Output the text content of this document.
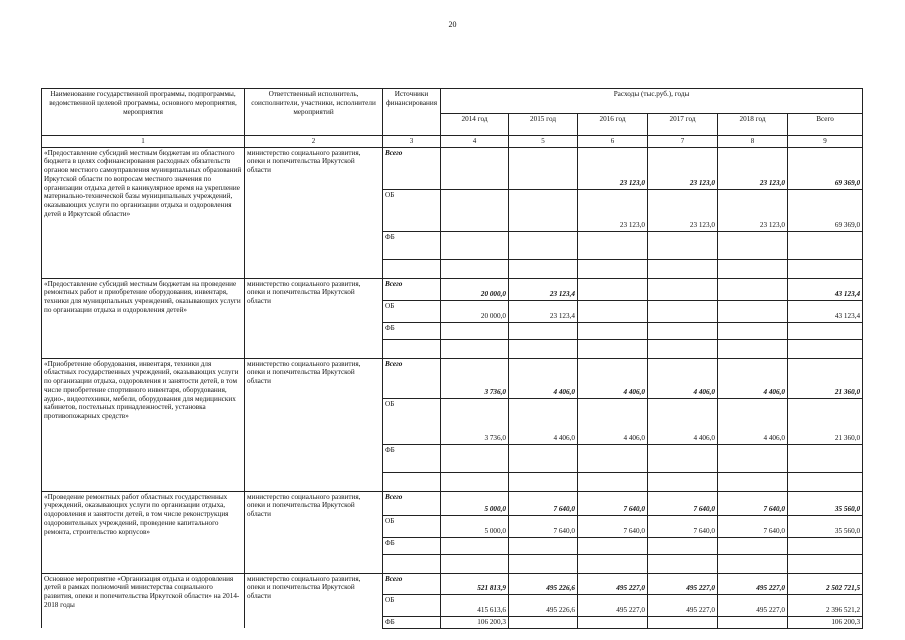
20
Наименование государственной программы, подпрограммы, ведомственной целевой программы, основного мероприятия, мероприятия	Ответственный исполнитель, соисполнители, участники, исполнители мероприятий	Источники финансирования	Расходы (тыс.руб.), годы					
			2014 год	2015 год	2016 год	2017 год	2018 год	Всего
1	2	3	4	5	6	7	8	9
«Предоставление субсидий местным бюджетам из областного бюджета в целях софинансирования расходных обязательств органов местного самоуправления муниципальных образований Иркутской области по вопросам местного значения по организации отдыха детей в каникулярное время на укрепление материально-технической базы муниципальных учреждений, оказывающих услуги по организации отдыха и оздоровления детей в Иркутской области»	министерство социального развития, опеки и попечительства Иркутской области	Всего			23 123,0	23 123,0	23 123,0	69 369,0
		ОБ			23 123,0	23 123,0	23 123,0	69 369,0
		ФБ						

«Предоставление субсидий местным бюджетам на проведение ремонтных работ и приобретение оборудования, инвентаря, техники для муниципальных учреждений, оказывающих услуги по организации отдыха и оздоровления детей»	министерство социального развития, опеки и попечительства Иркутской области	Всего	20 000,0	23 123,4				43 123,4
		ОБ	20 000,0	23 123,4				43 123,4
		ФБ						

«Приобретение оборудования, инвентаря, техники для областных государственных учреждений, оказывающих услуги по организации отдыха, оздоровления и занятости детей, в том числе приобретение спортивного инвентаря, оборудования, аудио-, видеотехники, мебели, оборудования для медицинских кабинетов, постельных принадлежностей, установка противопожарных средств»	министерство социального развития, опеки и попечительства Иркутской области	Всего	3 736,0	4 406,0	4 406,0	4 406,0	4 406,0	21 360,0
		ОБ	3 736,0	4 406,0	4 406,0	4 406,0	4 406,0	21 360,0
		ФБ						

«Проведение ремонтных работ областных государственных учреждений, оказывающих услуги по организации отдыха, оздоровления и занятости детей, в том числе реконструкция оздоровительных учреждений, проведение капитального ремонта, строительство корпусов»	министерство социального развития, опеки и попечительства Иркутской области	Всего	5 000,0	7 640,0	7 640,0	7 640,0	7 640,0	35 560,0
		ОБ	5 000,0	7 640,0	7 640,0	7 640,0	7 640,0	35 560,0
		ФБ						

Основное мероприятие «Организация отдыха и оздоровления детей в рамках полномочий министерства социального развития, опеки и попечительства Иркутской области» на 2014-2018 годы	министерство социального развития, опеки и попечительства Иркутской области	Всего	521 813,9	495 226,6	495 227,0	495 227,0	495 227,0	2 502 721,5
		ОБ	415 613,6	495 226,6	495 227,0	495 227,0	495 227,0	2 396 521,2
		ФБ	106 200,3					106 200,3
